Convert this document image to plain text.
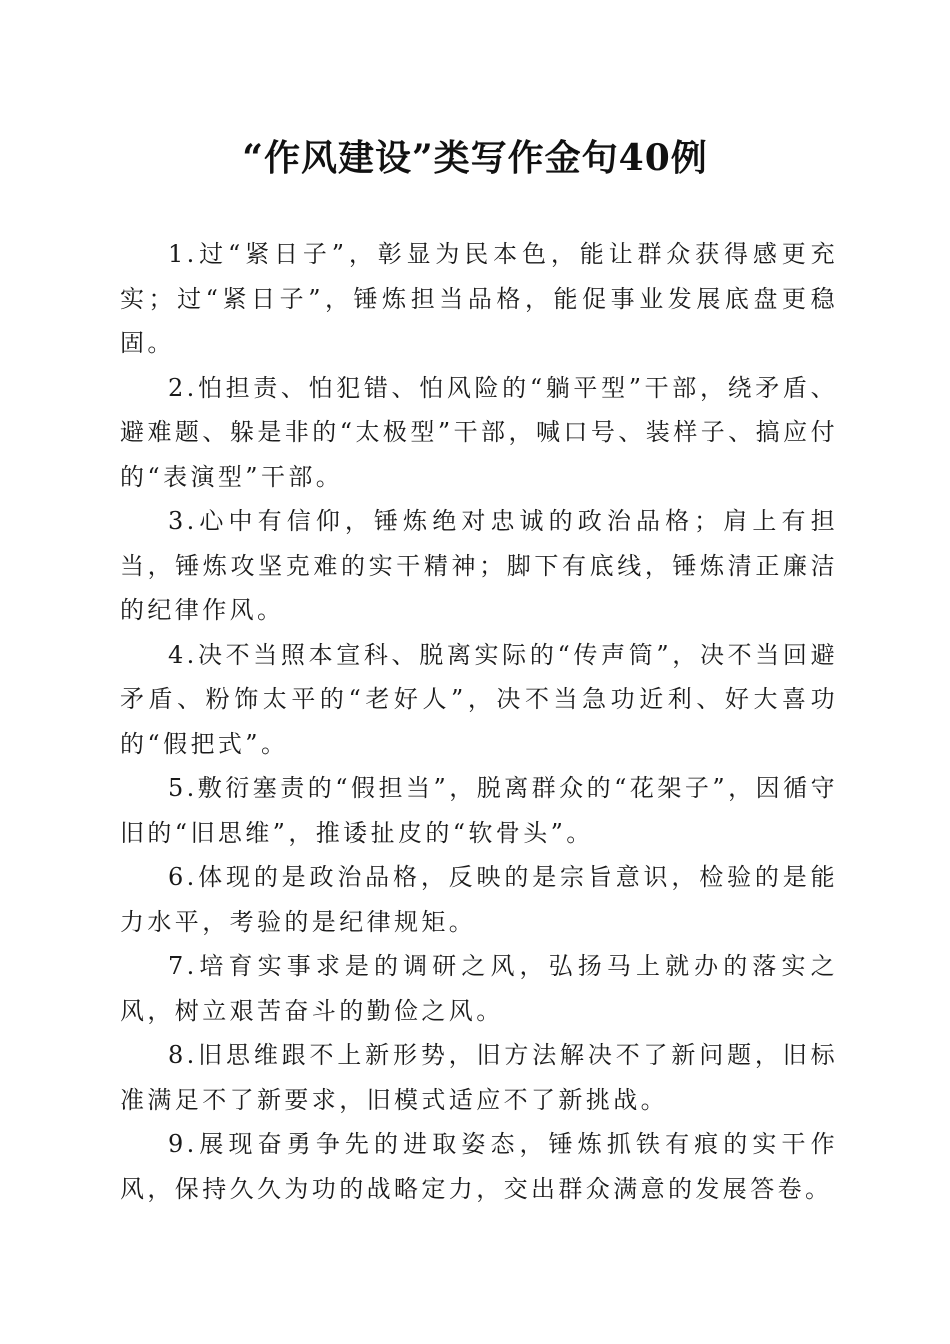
“作风建设”类写作金句40例

1.过“紧日子”，彰显为民本色，能让群众获得感更充实；过“紧日子”，锤炼担当品格，能促事业发展底盘更稳固。

2.怕担责、怕犯错、怕风险的“躺平型”干部，绕矛盾、避难题、躲是非的“太极型”干部，喊口号、装样子、搞应付的“表演型”干部。

3.心中有信仰，锤炼绝对忠诚的政治品格；肩上有担当，锤炼攻坚克难的实干精神；脚下有底线，锤炼清正廉洁的纪律作风。

4.决不当照本宣科、脱离实际的“传声筒”，决不当回避矛盾、粉饰太平的“老好人”，决不当急功近利、好大喜功的“假把式”。

5.敷衍塞责的“假担当”，脱离群众的“花架子”，因循守旧的“旧思维”，推诿扯皮的“软骨头”。

6.体现的是政治品格，反映的是宗旨意识，检验的是能力水平，考验的是纪律规矩。

7.培育实事求是的调研之风，弘扬马上就办的落实之风，树立艰苦奋斗的勤俭之风。

8.旧思维跟不上新形势，旧方法解决不了新问题，旧标准满足不了新要求，旧模式适应不了新挑战。

9.展现奋勇争先的进取姿态，锤炼抓铁有痕的实干作风，保持久久为功的战略定力，交出群众满意的发展答卷。
